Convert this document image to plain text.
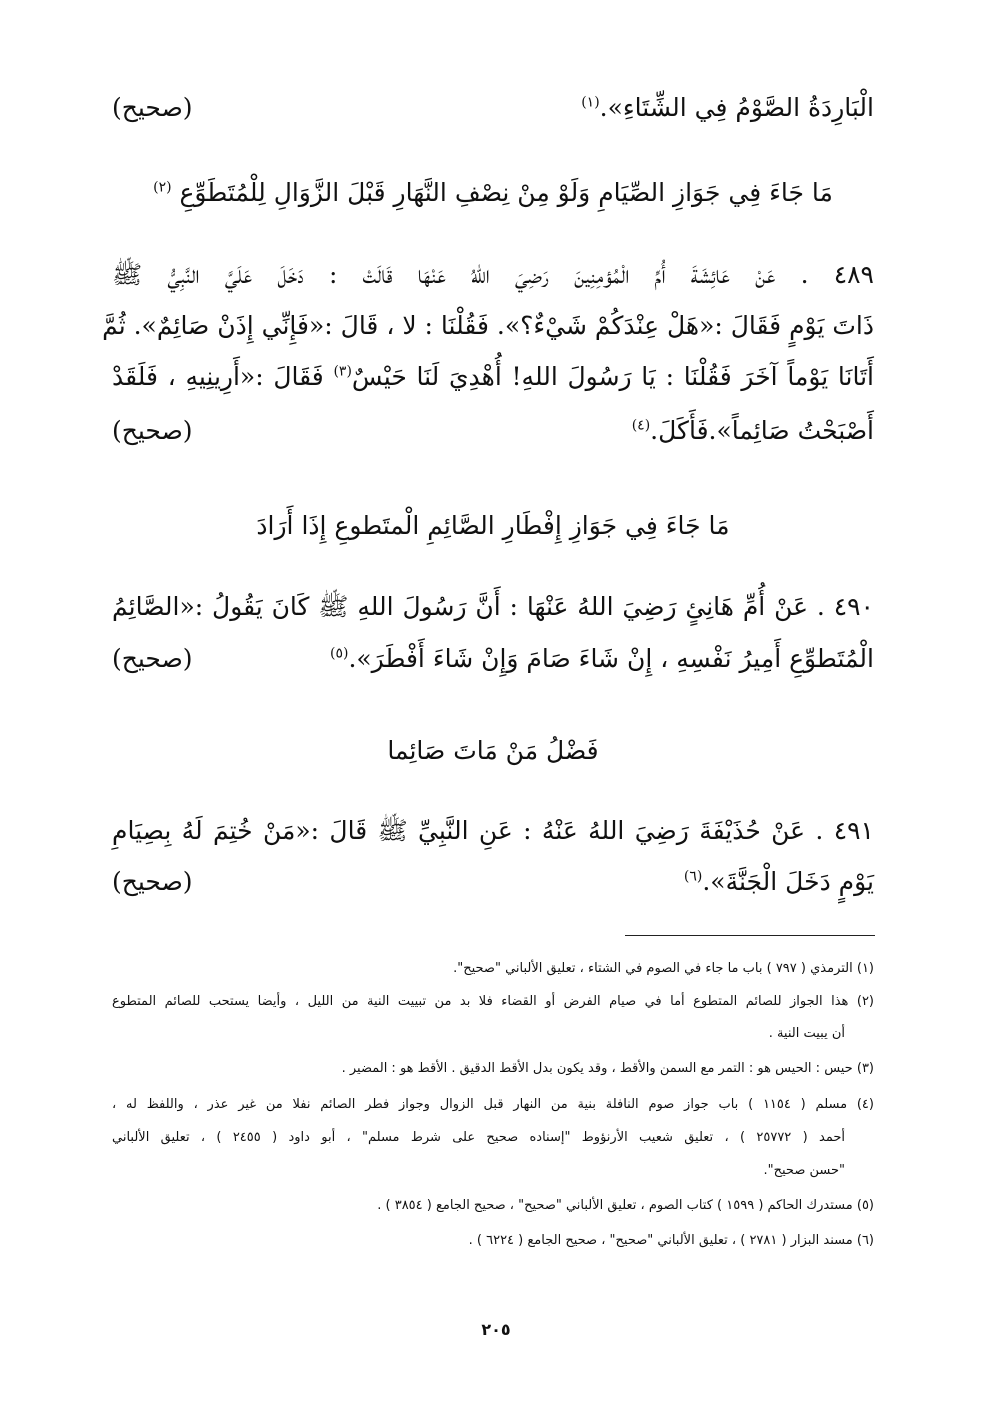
الْبَارِدَةُ الصَّوْمُ فِي الشِّتَاءِ».$^{(١)}$
(صحيح)
مَا جَاءَ فِي جَوَازِ الصِّيَامِ وَلَوْ مِنْ نِصْفِ النَّهَارِ قَبْلَ الزَّوَالِ لِلْمُتَطَوِّعِ $^{(٢)}$
٤٨٩ . عَنْ عَائِشَةَ أُمِّ الْمُؤمِنِينَ رَضِيَ اللهُ عَنْهَا قَالَتْ : دَخَلَ عَلَيَّ النَّبِيُّ ﷺ
ذَاتَ يَوْمٍ فَقَالَ :«هَلْ عِنْدَكُمْ شَيْءٌ؟». فَقُلْنَا : لا ، قَالَ :«فَإِنِّي إِذَنْ صَائِمٌ». ثُمَّ
أَتَانَا يَوْماً آخَرَ فَقُلْنَا : يَا رَسُولَ اللهِ! أُهْدِيَ لَنَا حَيْسٌ$^{(٣)}$ فَقَالَ :«أَرِينِيهِ ، فَلَقَدْ
أَصْبَحْتُ صَائِماً».فَأَكَلَ.$^{(٤)}$
(صحيح)
مَا جَاءَ فِي جَوَازِ إِفْطَارِ الصَّائِمِ الْمتَطوعِ إِذَا أَرَادَ
٤٩٠ . عَنْ أُمِّ هَانِئٍ رَضِيَ اللهُ عَنْهَا : أَنَّ رَسُولَ اللهِ ﷺ كَانَ يَقُولُ :«الصَّائِمُ
الْمُتَطوِّعِ أَمِيرُ نَفْسِهِ ، إِنْ شَاءَ صَامَ وَإِنْ شَاءَ أَفْطَرَ».$^{(٥)}$
(صحيح)
فَضْلُ مَنْ مَاتَ صَائِما
٤٩١ . عَنْ حُذَيْفَةَ رَضِيَ اللهُ عَنْهُ : عَنِ النَّبِيِّ ﷺ قَالَ :«مَنْ خُتِمَ لَهُ بِصِيَامِ
يَوْمٍ دَخَلَ الْجَنَّةَ».$^{(٦)}$
(صحيح)
(١) الترمذي ( ٧٩٧ ) باب ما جاء في الصوم في الشتاء ، تعليق الألباني "صحيح".
(٢) هذا الجواز للصائم المتطوع أما في صيام الفرض أو القضاء فلا بد من تبييت النية من الليل ، وأيضا يستحب للصائم المتطوع
أن يبيت النية .
(٣) حيس : الحيس هو : التمر مع السمن والأقط ، وقد يكون بدل الأقط الدقيق . الأقط هو : المضير .
(٤) مسلم ( ١١٥٤ ) باب جواز صوم النافلة بنية من النهار قبل الزوال وجواز فطر الصائم نفلا من غير عذر ، واللفظ له ،
أحمد ( ٢٥٧٧٢ ) ، تعليق شعيب الأرنؤوط "إسناده صحيح على شرط مسلم" ، أبو داود ( ٢٤٥٥ ) ، تعليق الألباني
"حسن صحيح".
(٥) مستدرك الحاكم ( ١٥٩٩ ) كتاب الصوم ، تعليق الألباني "صحيح" ، صحيح الجامع ( ٣٨٥٤ ) .
(٦) مسند البزار ( ٢٧٨١ ) ، تعليق الألباني "صحيح" ، صحيح الجامع ( ٦٢٢٤ ) .
٢٠٥
